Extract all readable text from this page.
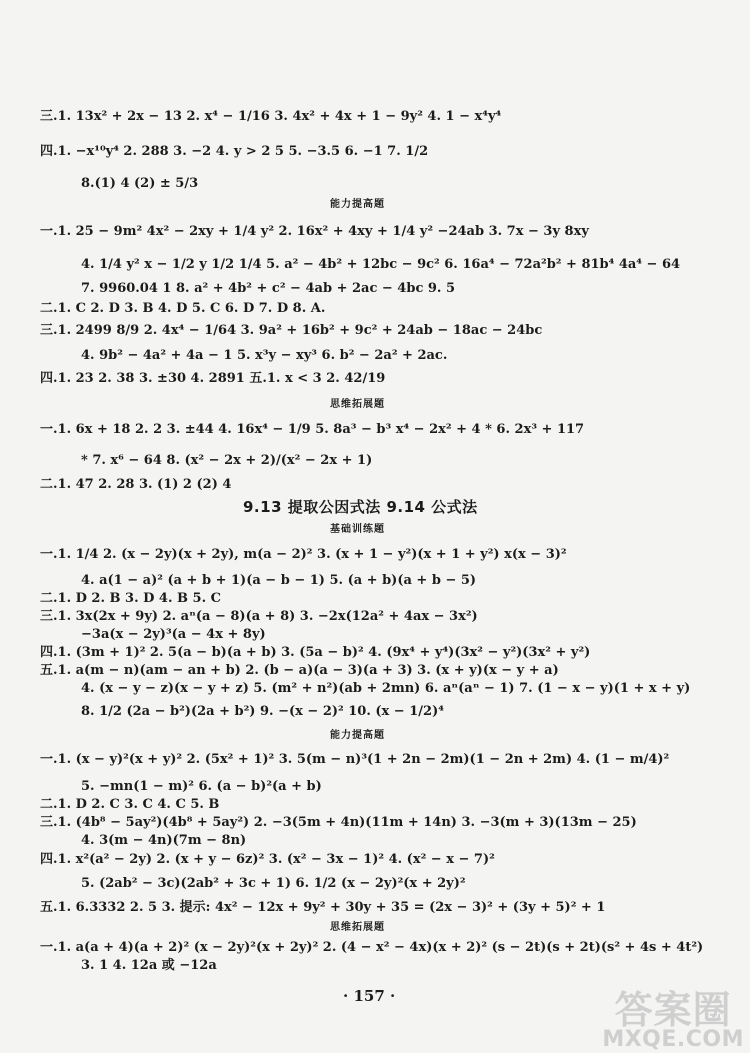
三.1. 13x² + 2x − 13 2. x⁴ − 1/16 3. 4x² + 4x + 1 − 9y² 4. 1 − x⁴y⁴
四.1. −x¹⁰y⁴ 2. 288 3. −2 4. y > 2 5 5. −3.5 6. −1 7. 1/2
8.(1) 4 (2) ± 5/3
能力提高题
一.1. 25 − 9m² 4x² − 2xy + 1/4 y² 2. 16x² + 4xy + 1/4 y² −24ab 3. 7x − 3y 8xy
4. 1/4 y² x − 1/2 y 1/2 1/4 5. a² − 4b² + 12bc − 9c² 6. 16a⁴ − 72a²b² + 81b⁴ 4a⁴ − 64
7. 9960.04 1 8. a² + 4b² + c² − 4ab + 2ac − 4bc 9. 5
二.1. C 2. D 3. B 4. D 5. C 6. D 7. D 8. A.
三.1. 2499 8/9 2. 4x⁴ − 1/64 3. 9a² + 16b² + 9c² + 24ab − 18ac − 24bc
4. 9b² − 4a² + 4a − 1 5. x³y − xy³ 6. b² − 2a² + 2ac.
四.1. 23 2. 38 3. ±30 4. 2891 五.1. x < 3 2. 42/19
思维拓展题
一.1. 6x + 18 2. 2 3. ±44 4. 16x⁴ − 1/9 5. 8a³ − b³ x⁴ − 2x² + 4 * 6. 2x³ + 117
* 7. x⁶ − 64 8. (x² − 2x + 2)/(x² − 2x + 1)
二.1. 47 2. 28 3. (1) 2 (2) 4
9.13 提取公因式法 9.14 公式法
基础训练题
一.1. 1/4 2. (x − 2y)(x + 2y), m(a − 2)² 3. (x + 1 − y²)(x + 1 + y²) x(x − 3)²
4. a(1 − a)² (a + b + 1)(a − b − 1) 5. (a + b)(a + b − 5)
二.1. D 2. B 3. D 4. B 5. C
三.1. 3x(2x + 9y) 2. aⁿ(a − 8)(a + 8) 3. −2x(12a² + 4ax − 3x²)
−3a(x − 2y)³(a − 4x + 8y)
四.1. (3m + 1)² 2. 5(a − b)(a + b) 3. (5a − b)² 4. (9x⁴ + y⁴)(3x² − y²)(3x² + y²)
五.1. a(m − n)(am − an + b) 2. (b − a)(a − 3)(a + 3) 3. (x + y)(x − y + a)
4. (x − y − z)(x − y + z) 5. (m² + n²)(ab + 2mn) 6. aⁿ(aⁿ − 1) 7. (1 − x − y)(1 + x + y)
8. 1/2 (2a − b²)(2a + b²) 9. −(x − 2)² 10. (x − 1/2)⁴
能力提高题
一.1. (x − y)²(x + y)² 2. (5x² + 1)² 3. 5(m − n)³(1 + 2n − 2m)(1 − 2n + 2m) 4. (1 − m/4)²
5. −mn(1 − m)² 6. (a − b)²(a + b)
二.1. D 2. C 3. C 4. C 5. B
三.1. (4b⁸ − 5ay²)(4b⁸ + 5ay²) 2. −3(5m + 4n)(11m + 14n) 3. −3(m + 3)(13m − 25)
4. 3(m − 4n)(7m − 8n)
四.1. x²(a² − 2y) 2. (x + y − 6z)² 3. (x² − 3x − 1)² 4. (x² − x − 7)²
5. (2ab² − 3c)(2ab² + 3c + 1) 6. 1/2 (x − 2y)²(x + 2y)²
五.1. 6.3332 2. 5 3. 提示: 4x² − 12x + 9y² + 30y + 35 = (2x − 3)² + (3y + 5)² + 1
思维拓展题
一.1. a(a + 4)(a + 2)² (x − 2y)²(x + 2y)² 2. (4 − x² − 4x)(x + 2)² (s − 2t)(s + 2t)(s² + 4s + 4t²)
3. 1 4. 12a 或 −12a
· 157 ·	答案圈
MXQE.COM
